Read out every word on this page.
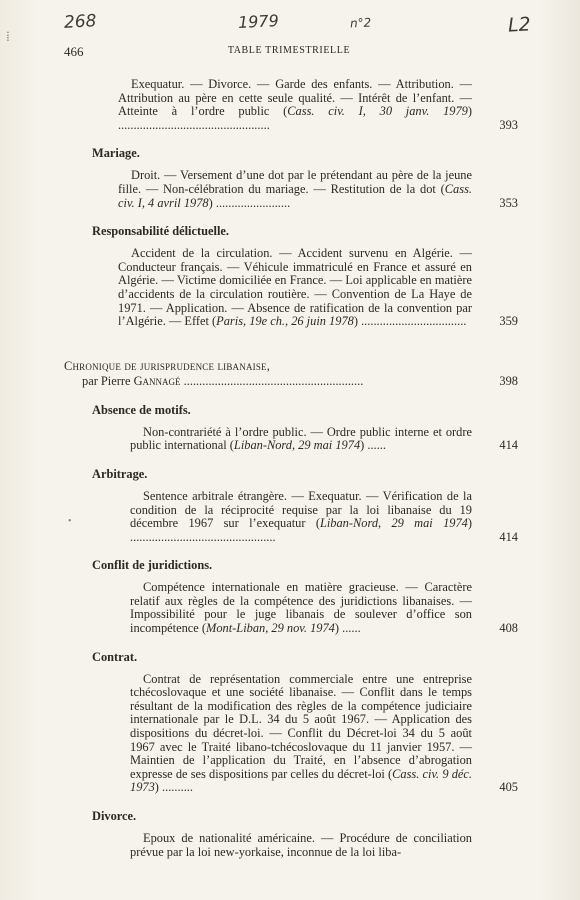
268	1979	n°2	L2
⁞
•
466	TABLE TRIMESTRIELLE
Exequatur. — Divorce. — Garde des enfants. — Attribution. — Attribution au père en cette seule qualité. — Intérêt de l’enfant. — Atteinte à l’ordre public (Cass. civ. I, 30 janv. 1979) .................................................	393
Mariage.
Droit. — Versement d’une dot par le prétendant au père de la jeune fille. — Non-célébration du mariage. — Restitution de la dot (Cass. civ. I, 4 avril 1978) ........................	353
Responsabilité délictuelle.
Accident de la circulation. — Accident survenu en Algérie. — Conducteur français. — Véhicule immatriculé en France et assuré en Algérie. — Victime domiciliée en France. — Loi applicable en matière d’accidents de la circulation routière. — Convention de La Haye de 1971. — Application. — Absence de ratification de la convention par l’Algérie. — Effet (Paris, 19e ch., 26 juin 1978) ..................................	359
Chronique de jurisprudence libanaise,
par Pierre Gannagé ..........................................................	398
Absence de motifs.
Non-contrariété à l’ordre public. — Ordre public interne et ordre public international (Liban-Nord, 29 mai 1974) ......	414
Arbitrage.
Sentence arbitrale étrangère. — Exequatur. — Vérification de la condition de la réciprocité requise par la loi libanaise du 19 décembre 1967 sur l’exequatur (Liban-Nord, 29 mai 1974) ...............................................	414
Conflit de juridictions.
Compétence internationale en matière gracieuse. — Caractère relatif aux règles de la compétence des juridictions libanaises. — Impossibilité pour le juge libanais de soulever d’office son incompétence (Mont-Liban, 29 nov. 1974) ......	408
Contrat.
Contrat de représentation commerciale entre une entreprise tchécoslovaque et une société libanaise. — Conflit dans le temps résultant de la modification des règles de la compétence judiciaire internationale par le D.L. 34 du 5 août 1967. — Application des dispositions du décret-loi. — Conflit du Décret-loi 34 du 5 août 1967 avec le Traité libano-tchécoslovaque du 11 janvier 1957. — Maintien de l’application du Traité, en l’absence d’abrogation expresse de ses dispositions par celles du décret-loi (Cass. civ. 9 déc. 1973) ..........	405
Divorce.
Epoux de nationalité américaine. — Procédure de conciliation prévue par la loi new-yorkaise, inconnue de la loi liba-
